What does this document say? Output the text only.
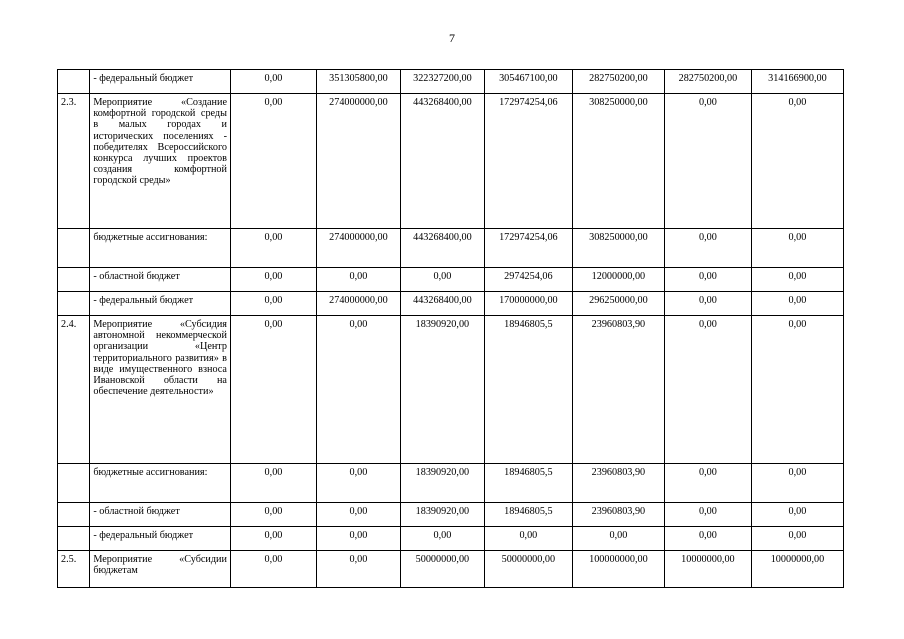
7
	- федеральный бюджет	0,00	351305800,00	322327200,00	305467100,00	282750200,00	282750200,00	314166900,00
2.3.	Мероприятие «Создание комфортной городской среды в малых городах и исторических поселениях - победителях Всероссийского конкурса лучших проектов создания комфортной городской среды»	0,00	274000000,00	443268400,00	172974254,06	308250000,00	0,00	0,00
	бюджетные ассигнования:	0,00	274000000,00	443268400,00	172974254,06	308250000,00	0,00	0,00
	- областной бюджет	0,00	0,00	0,00	2974254,06	12000000,00	0,00	0,00
	- федеральный бюджет	0,00	274000000,00	443268400,00	170000000,00	296250000,00	0,00	0,00
2.4.	Мероприятие «Субсидия автономной некоммерческой организации «Центр территориального развития» в виде имущественного взноса Ивановской области на обеспечение деятельности»	0,00	0,00	18390920,00	18946805,5	23960803,90	0,00	0,00
	бюджетные ассигнования:	0,00	0,00	18390920,00	18946805,5	23960803,90	0,00	0,00
	- областной бюджет	0,00	0,00	18390920,00	18946805,5	23960803,90	0,00	0,00
	- федеральный бюджет	0,00	0,00	0,00	0,00	0,00	0,00	0,00
2.5.	Мероприятие «Субсидии бюджетам	0,00	0,00	50000000,00	50000000,00	100000000,00	10000000,00	10000000,00
